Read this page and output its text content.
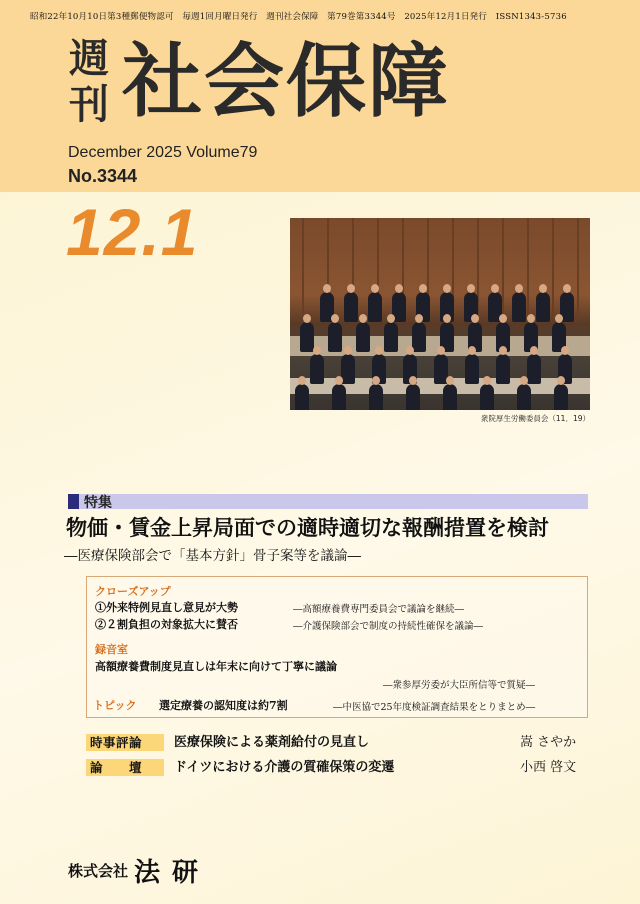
昭和22年10月10日第3種郵便物認可　毎週1回月曜日発行　週刊社会保障　第79巻第3344号　2025年12月1日発行　ISSN1343-5736
週
刊 社会保障
December 2025 Volume79
No.3344
12.1
衆院厚生労働委員会（11．19）
特集
物価・賃金上昇局面での適時適切な報酬措置を検討
―医療保険部会で「基本方針」骨子案等を議論―
クローズアップ
①外来特例見直し意見が大勢	―高額療養費専門委員会で議論を継続―
②２割負担の対象拡大に賛否	―介護保険部会で制度の持続性確保を議論―
録音室
高額療養費制度見直しは年末に向けて丁寧に議論
―衆参厚労委が大臣所信等で質疑―
トピック 選定療養の認知度は約7割	―中医協で25年度検証調査結果をとりまとめ―
時事評論	医療保険による薬剤給付の見直し	嵩 さやか
論　　壇	ドイツにおける介護の質確保策の変遷	小西 啓文
株式会社 法研
